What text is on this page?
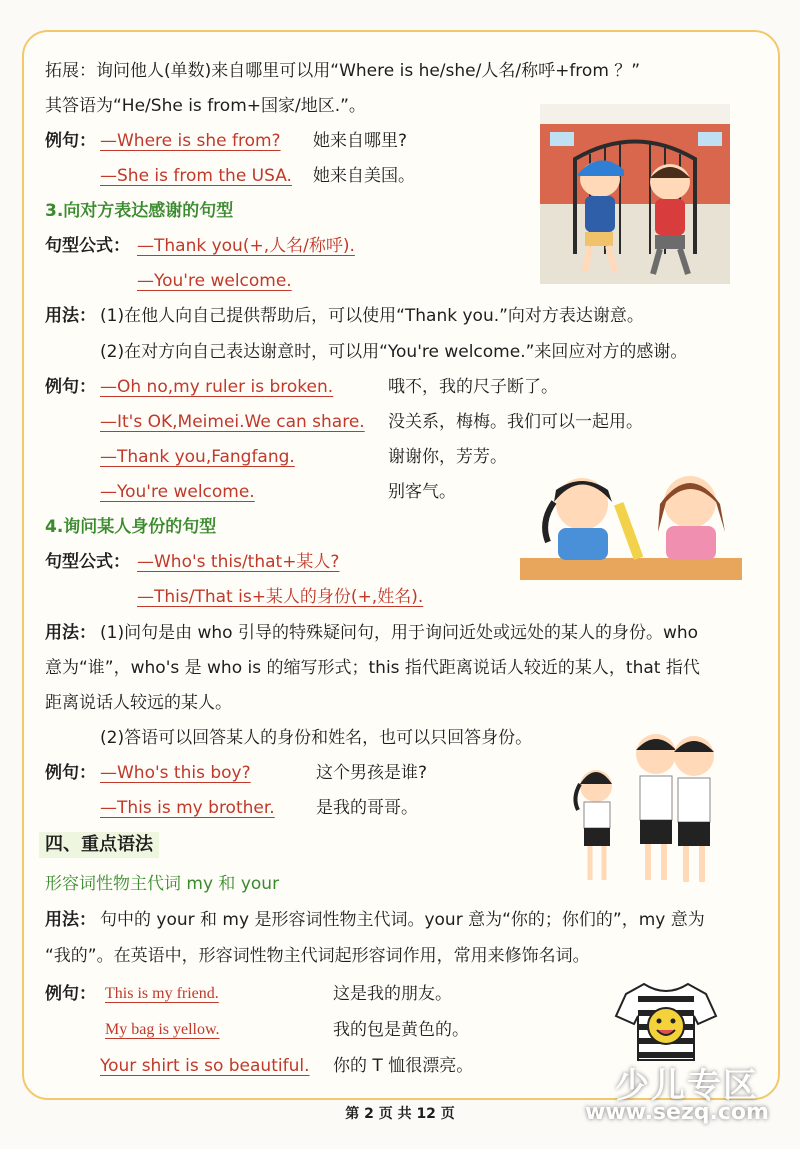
拓展：询问他人(单数)来自哪里可以用“Where is he/she/人名/称呼+from ？”
其答语为“He/She is from+国家/地区.”。
例句： —Where is she from? 她来自哪里?
—She is from the USA. 她来自美国。
3.向对方表达感谢的句型
句型公式： —Thank you(+,人名/称呼).
—You're welcome.
用法： (1)在他人向自己提供帮助后，可以使用“Thank you.”向对方表达谢意。
(2)在对方向自己表达谢意时，可以用“You're welcome.”来回应对方的感谢。
例句： —Oh no,my ruler is broken.	哦不，我的尺子断了。
—It's OK,Meimei.We can share. 没关系，梅梅。我们可以一起用。
—Thank you,Fangfang.	谢谢你，芳芳。
—You're welcome.	别客气。
4.询问某人身份的句型
句型公式： —Who's this/that+某人?
—This/That is+某人的身份(+,姓名).
用法： (1)问句是由 who 引导的特殊疑问句，用于询问近处或远处的某人的身份。who
意为“谁”，who's 是 who is 的缩写形式；this 指代距离说话人较近的某人，that 指代
距离说话人较远的某人。
(2)答语可以回答某人的身份和姓名，也可以只回答身份。
例句： —Who's this boy?	这个男孩是谁?
—This is my brother. 是我的哥哥。
四、重点语法
形容词性物主代词 my 和 your
用法： 句中的 your 和 my 是形容词性物主代词。your 意为“你的；你们的”，my 意为
“我的”。在英语中，形容词性物主代词起形容词作用，常用来修饰名词。
例句： This is my friend.	这是我的朋友。
My bag is yellow.	我的包是黄色的。
Your shirt is so beautiful. 你的 T 恤很漂亮。
第 2 页 共 12 页
少儿专区
www.sezq.com
